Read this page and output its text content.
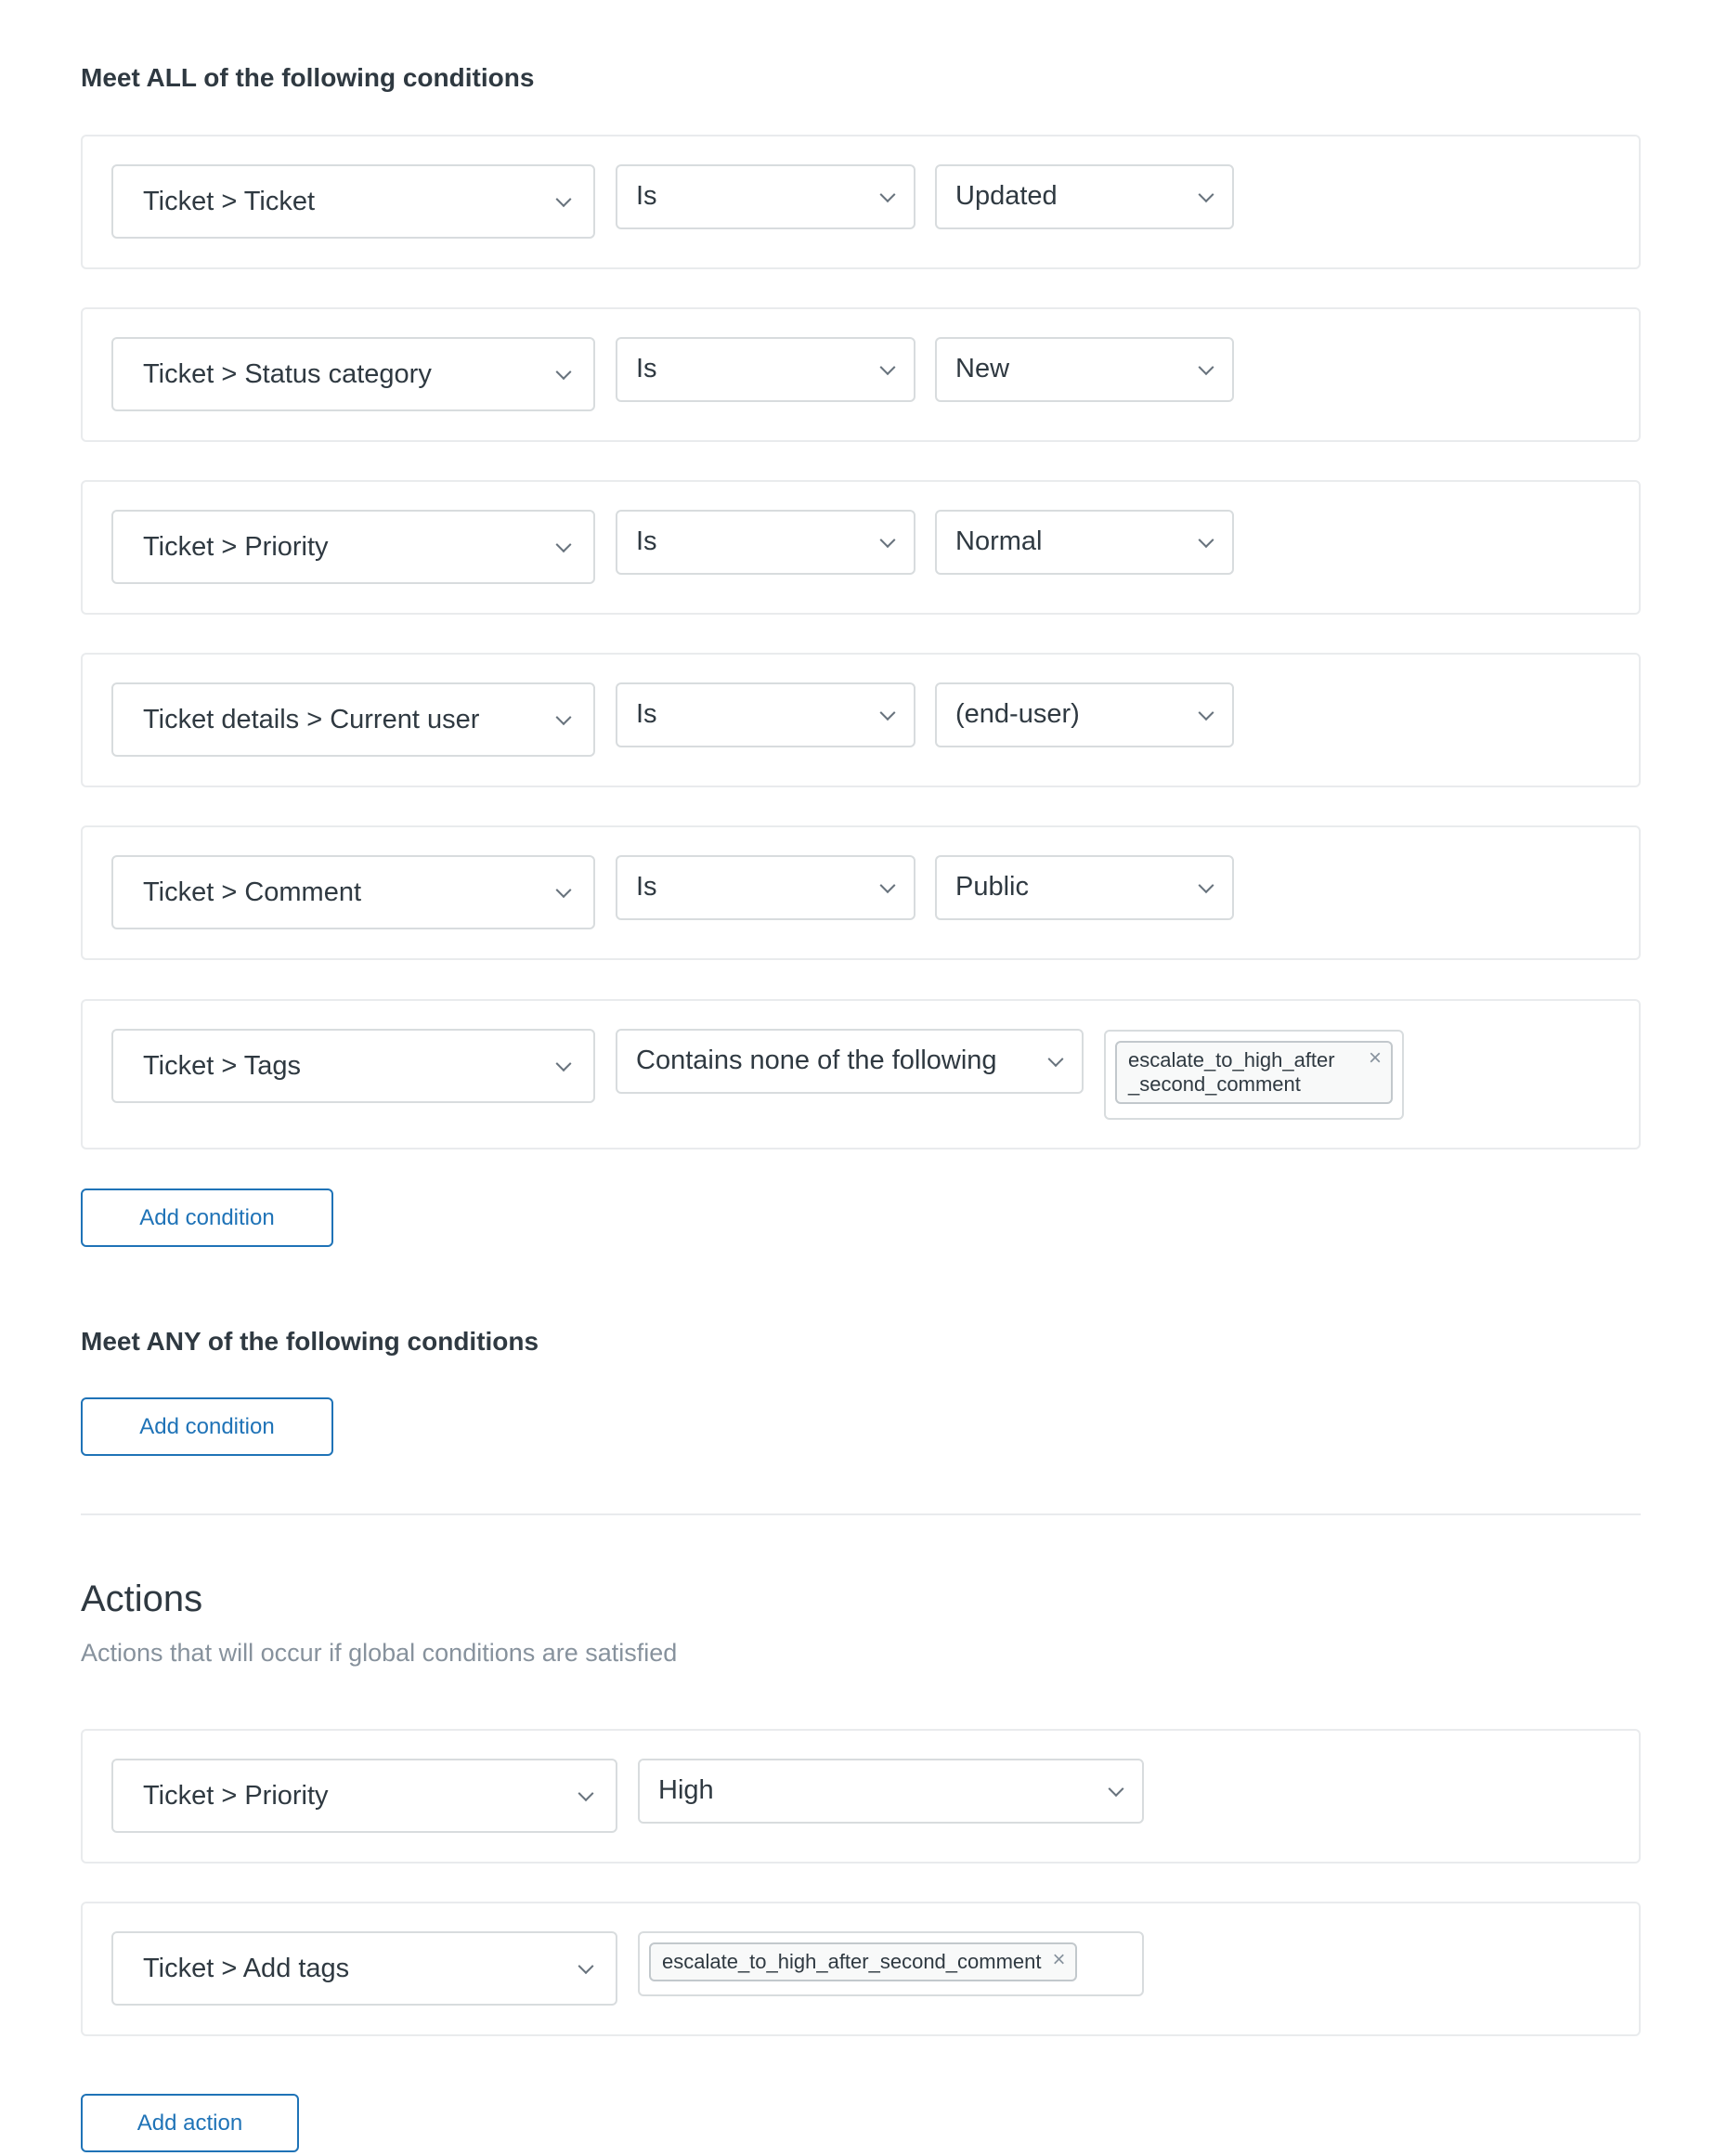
Meet ALL of the following conditions
Ticket > Ticket	Is	Updated
Ticket > Status category	Is	New
Ticket > Priority	Is	Normal
Ticket details > Current user	Is	(end-user)
Ticket > Comment	Is	Public
Ticket > Tags	Contains none of the following	escalate_to_high_after
_second_comment
×
Add condition
Meet ANY of the following conditions
Add condition
Actions
Actions that will occur if global conditions are satisfied
Ticket > Priority	High
Ticket > Add tags	escalate_to_high_after_second_comment ×
Add action
